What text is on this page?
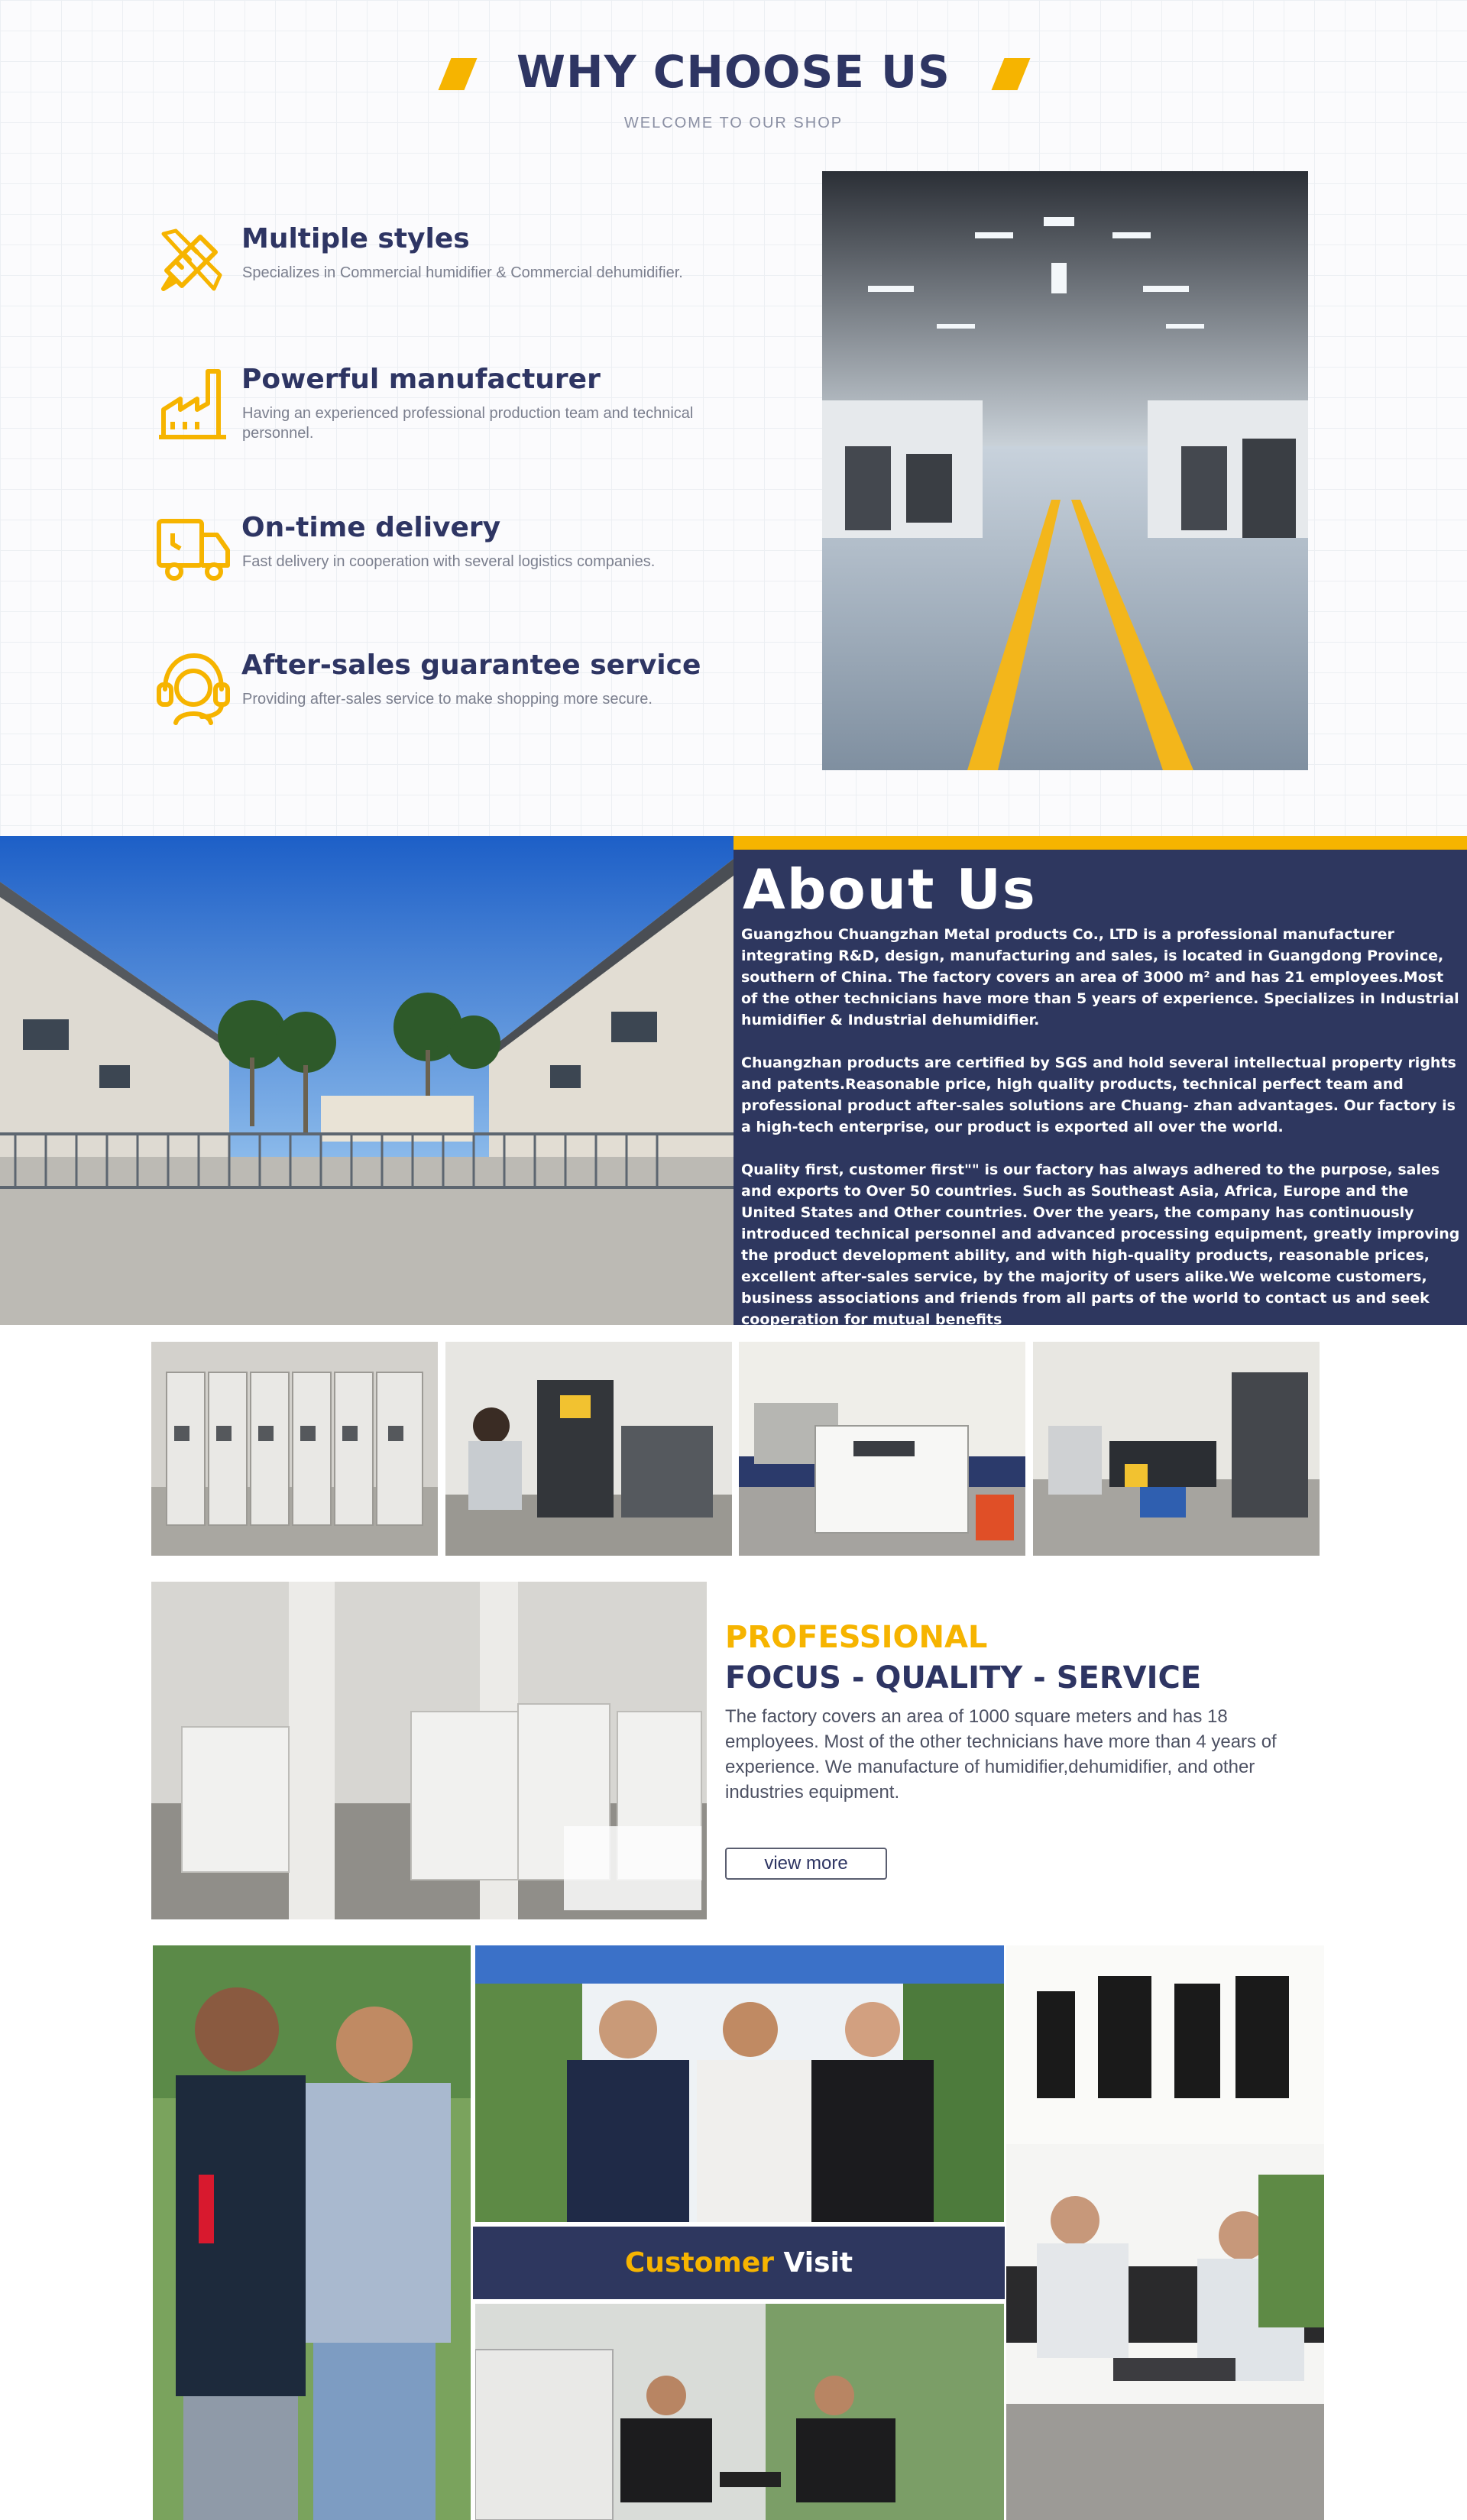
WHY CHOOSE US
WELCOME TO OUR SHOP
Multiple styles

Specializes in Commercial humidifier & Commercial dehumidifier.

Powerful manufacturer

Having an experienced professional production team and technical personnel.

On-time delivery

Fast delivery in cooperation with several logistics companies.

After-sales guarantee service

Providing after-sales service to make shopping more secure.

About Us

Guangzhou Chuangzhan Metal products Co., LTD is a professional manufacturer integrating R&D, design, manufacturing and sales, is located in Guangdong Province, southern of China. The factory covers an area of 3000 m² and has 21 employees.Most of the other technicians have more than 5 years of experience. Specializes in Industrial humidifier & Industrial dehumidifier.

Chuangzhan products are certified by SGS and hold several intellectual property rights and patents.Reasonable price, high quality products, technical perfect team and professional product after-sales solutions are Chuang- zhan advantages. Our factory is a high-tech enterprise, our product is exported all over the world.

Quality first, customer first"" is our factory has always adhered to the purpose, sales and exports to Over 50 countries. Such as Southeast Asia, Africa, Europe and the United States and Other countries. Over the years, the company has continuously introduced technical personnel and advanced processing equipment, greatly improving the product development ability, and with high-quality products, reasonable prices, excellent after-sales service, by the majority of users alike.We welcome customers, business associations and friends from all parts of the world to contact us and seek cooperation for mutual benefits

PROFESSIONAL
FOCUS - QUALITY - SERVICE

The factory covers an area of 1000 square meters and has 18 employees. Most of the other technicians have more than 4 years of experience. We manufacture of humidifier,dehumidifier, and other industries equipment.

view more
Customer Visit
